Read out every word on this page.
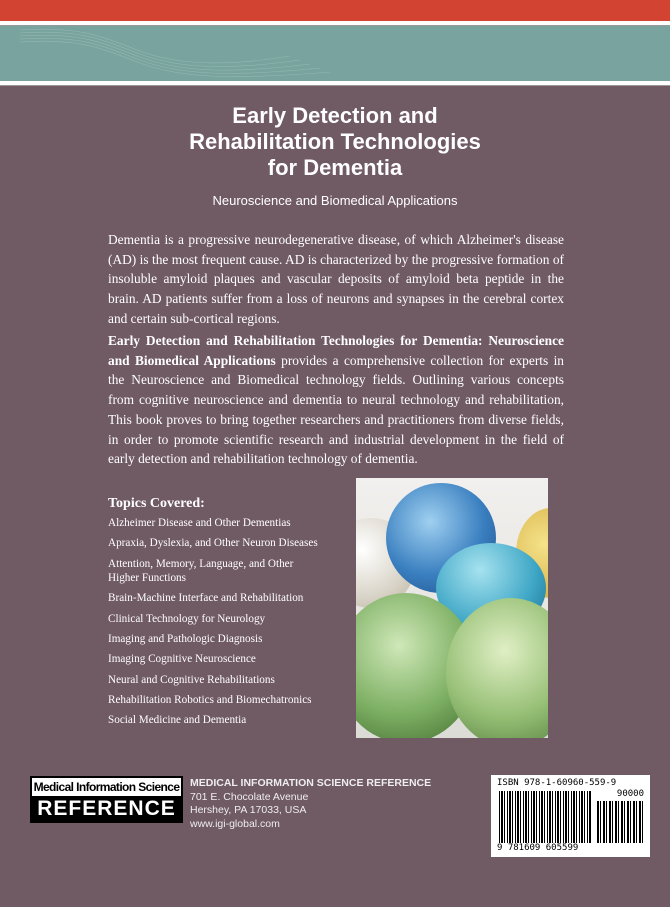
Early Detection and
Rehabilitation Technologies
for Dementia
Neuroscience and Biomedical Applications

Dementia is a progressive neurodegenerative disease, of which Alzheimer's disease (AD) is the most frequent cause. AD is characterized by the progressive formation of insoluble amyloid plaques and vascular deposits of amyloid beta peptide in the brain. AD patients suffer from a loss of neurons and synapses in the cerebral cortex and certain sub-cortical regions.

Early Detection and Rehabilitation Technologies for Dementia: Neuroscience and Biomedical Applications provides a comprehensive collection for experts in the Neuroscience and Biomedical technology fields. Outlining various concepts from cognitive neuroscience and dementia to neural technology and rehabilitation, This book proves to bring together researchers and practitioners from diverse fields, in order to promote scientific research and industrial development in the field of early detection and rehabilitation technology of dementia.

Topics Covered:
Alzheimer Disease and Other Dementias
Apraxia, Dyslexia, and Other Neuron Diseases
Attention, Memory, Language, and Other Higher Functions
Brain-Machine Interface and Rehabilitation
Clinical Technology for Neurology
Imaging and Pathologic Diagnosis
Imaging Cognitive Neuroscience
Neural and Cognitive Rehabilitations
Rehabilitation Robotics and Biomechatronics
Social Medicine and Dementia
Medical Information Science
REFERENCE
MEDICAL INFORMATION SCIENCE REFERENCE
701 E. Chocolate Avenue
Hershey, PA 17033, USA
www.igi-global.com
ISBN 978-1-60960-559-9
90000
9 781609 605599
